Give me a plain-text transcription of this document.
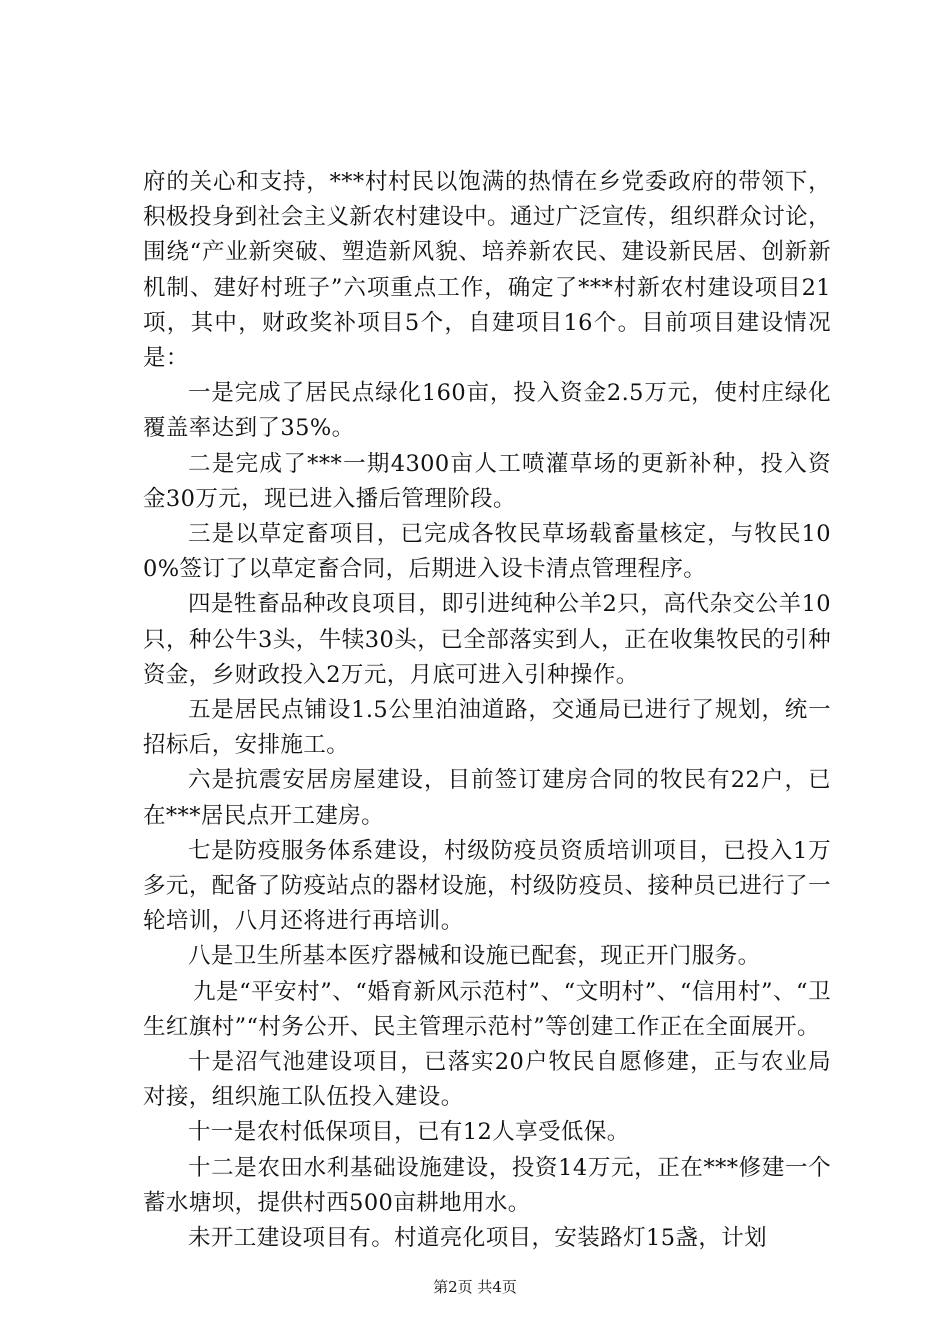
府的关心和支持，***村村民以饱满的热情在乡党委政府的带领下，积极投身到社会主义新农村建设中。通过广泛宣传，组织群众讨论，围绕“产业新突破、塑造新风貌、培养新农民、建设新民居、创新新机制、建好村班子”六项重点工作，确定了***村新农村建设项目21项，其中，财政奖补项目5个，自建项目16个。目前项目建设情况是：

一是完成了居民点绿化160亩，投入资金2.5万元，使村庄绿化覆盖率达到了35%。

二是完成了***一期4300亩人工喷灌草场的更新补种，投入资金30万元，现已进入播后管理阶段。

三是以草定畜项目，已完成各牧民草场载畜量核定，与牧民100%签订了以草定畜合同，后期进入设卡清点管理程序。

四是牲畜品种改良项目，即引进纯种公羊2只，高代杂交公羊10只，种公牛3头，牛犊30头，已全部落实到人，正在收集牧民的引种资金，乡财政投入2万元，月底可进入引种操作。

五是居民点铺设1.5公里泊油道路，交通局已进行了规划，统一招标后，安排施工。

六是抗震安居房屋建设，目前签订建房合同的牧民有22户，已在***居民点开工建房。

七是防疫服务体系建设，村级防疫员资质培训项目，已投入1万多元，配备了防疫站点的器材设施，村级防疫员、接种员已进行了一轮培训，八月还将进行再培训。

八是卫生所基本医疗器械和设施已配套，现正开门服务。

九是“平安村”、“婚育新风示范村”、“文明村”、“信用村”、“卫生红旗村”“村务公开、民主管理示范村”等创建工作正在全面展开。

十是沼气池建设项目，已落实20户牧民自愿修建，正与农业局对接，组织施工队伍投入建设。

十一是农村低保项目，已有12人享受低保。

十二是农田水利基础设施建设，投资14万元，正在***修建一个蓄水塘坝，提供村西500亩耕地用水。

未开工建设项目有。村道亮化项目，安装路灯15盏，计划

第2页 共4页
